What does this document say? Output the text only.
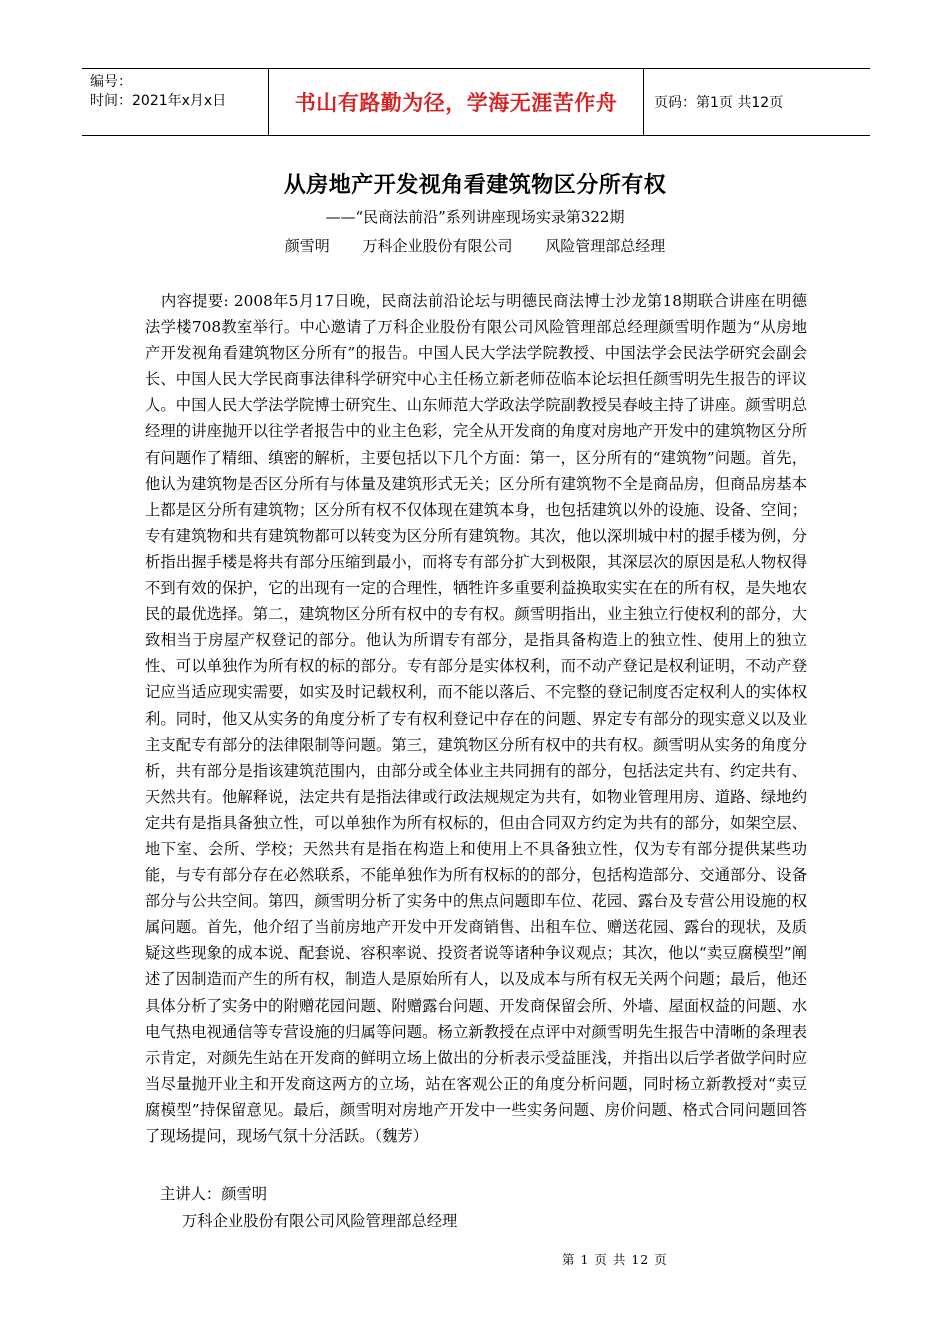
编号：
时间：2021年x月x日	书山有路勤为径，学海无涯苦作舟	页码：第1页 共12页
从房地产开发视角看建筑物区分所有权
——“民商法前沿”系列讲座现场实录第322期
颜雪明 万科企业股份有限公司 风险管理部总经理
内容提要: 2008年5月17日晚，民商法前沿论坛与明德民商法博士沙龙第18期联合讲座在明德法学楼708教室举行。中心邀请了万科企业股份有限公司风险管理部总经理颜雪明作题为“从房地产开发视角看建筑物区分所有”的报告。中国人民大学法学院教授、中国法学会民法学研究会副会长、中国人民大学民商事法律科学研究中心主任杨立新老师莅临本论坛担任颜雪明先生报告的评议人。中国人民大学法学院博士研究生、山东师范大学政法学院副教授吴春岐主持了讲座。颜雪明总经理的讲座抛开以往学者报告中的业主色彩，完全从开发商的角度对房地产开发中的建筑物区分所有问题作了精细、缜密的解析，主要包括以下几个方面：第一，区分所有的“建筑物”问题。首先，他认为建筑物是否区分所有与体量及建筑形式无关；区分所有建筑物不全是商品房，但商品房基本上都是区分所有建筑物；区分所有权不仅体现在建筑本身，也包括建筑以外的设施、设备、空间；专有建筑物和共有建筑物都可以转变为区分所有建筑物。其次，他以深圳城中村的握手楼为例，分析指出握手楼是将共有部分压缩到最小，而将专有部分扩大到极限，其深层次的原因是私人物权得不到有效的保护，它的出现有一定的合理性，牺牲许多重要利益换取实实在在的所有权，是失地农民的最优选择。第二，建筑物区分所有权中的专有权。颜雪明指出，业主独立行使权利的部分，大致相当于房屋产权登记的部分。他认为所谓专有部分，是指具备构造上的独立性、使用上的独立性、可以单独作为所有权的标的部分。专有部分是实体权利，而不动产登记是权利证明，不动产登记应当适应现实需要，如实及时记载权利，而不能以落后、不完整的登记制度否定权利人的实体权利。同时，他又从实务的角度分析了专有权利登记中存在的问题、界定专有部分的现实意义以及业主支配专有部分的法律限制等问题。第三，建筑物区分所有权中的共有权。颜雪明从实务的角度分析，共有部分是指该建筑范围内，由部分或全体业主共同拥有的部分，包括法定共有、约定共有、天然共有。他解释说，法定共有是指法律或行政法规规定为共有，如物业管理用房、道路、绿地约定共有是指具备独立性，可以单独作为所有权标的，但由合同双方约定为共有的部分，如架空层、地下室、会所、学校；天然共有是指在构造上和使用上不具备独立性，仅为专有部分提供某些功能，与专有部分存在必然联系，不能单独作为所有权标的的部分，包括构造部分、交通部分、设备部分与公共空间。第四，颜雪明分析了实务中的焦点问题即车位、花园、露台及专营公用设施的权属问题。首先，他介绍了当前房地产开发中开发商销售、出租车位、赠送花园、露台的现状，及质疑这些现象的成本说、配套说、容积率说、投资者说等诸种争议观点；其次，他以“卖豆腐模型”阐述了因制造而产生的所有权，制造人是原始所有人，以及成本与所有权无关两个问题；最后，他还具体分析了实务中的附赠花园问题、附赠露台问题、开发商保留会所、外墙、屋面权益的问题、水电气热电视通信等专营设施的归属等问题。杨立新教授在点评中对颜雪明先生报告中清晰的条理表示肯定，对颜先生站在开发商的鲜明立场上做出的分析表示受益匪浅，并指出以后学者做学问时应当尽量抛开业主和开发商这两方的立场，站在客观公正的角度分析问题，同时杨立新教授对“卖豆腐模型”持保留意见。最后，颜雪明对房地产开发中一些实务问题、房价问题、格式合同问题回答了现场提问，现场气氛十分活跃。（魏芳）
主讲人：颜雪明
万科企业股份有限公司风险管理部总经理
第 1 页 共 12 页
